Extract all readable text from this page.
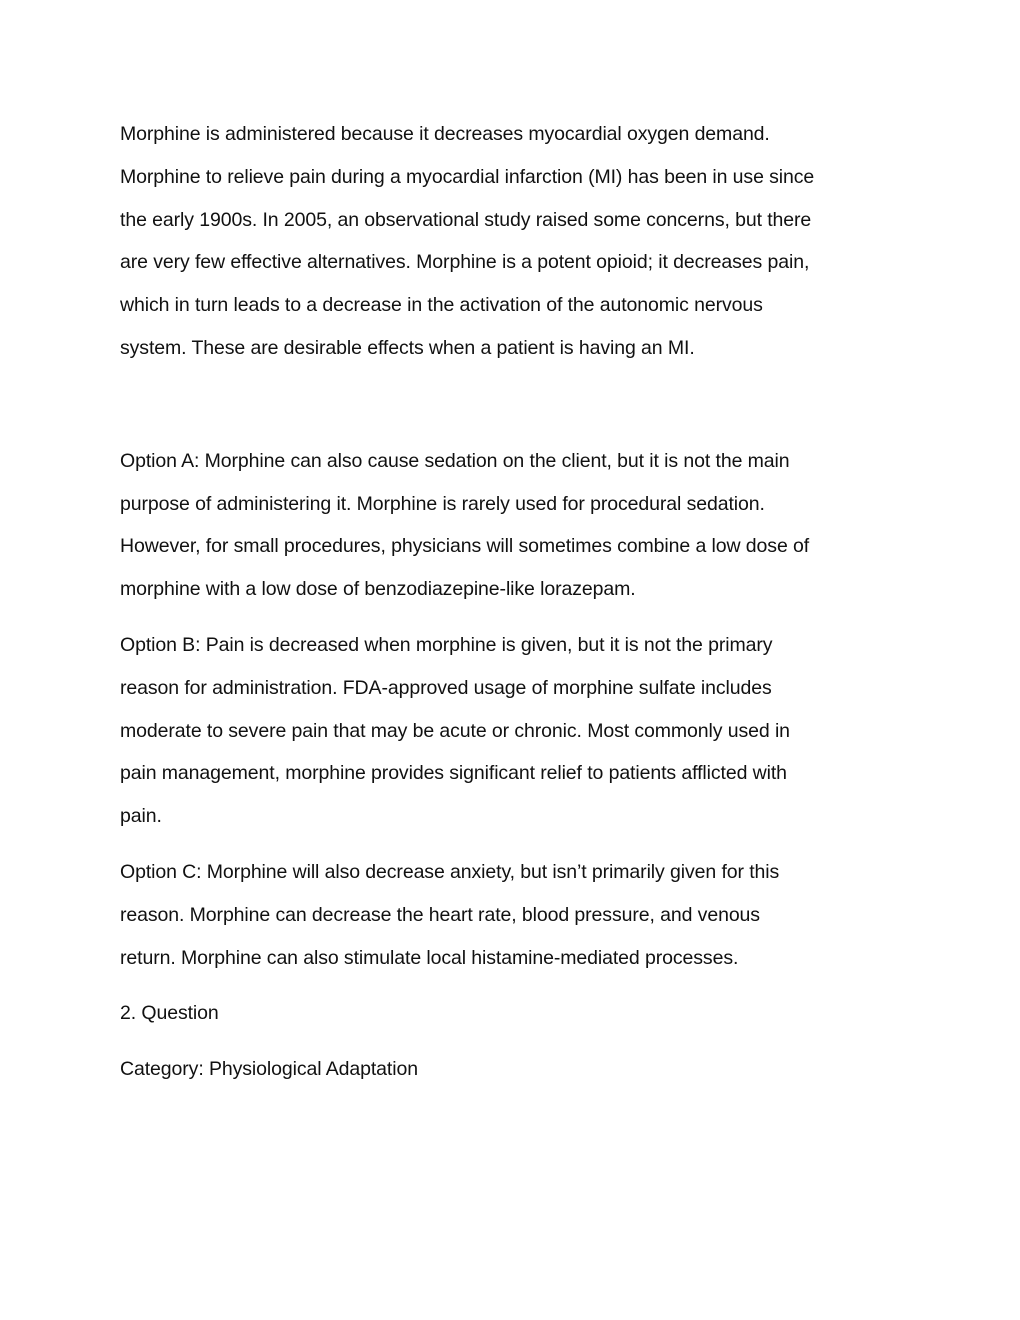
Morphine is administered because it decreases myocardial oxygen demand.
Morphine to relieve pain during a myocardial infarction (MI) has been in use since
the early 1900s. In 2005, an observational study raised some concerns, but there
are very few effective alternatives. Morphine is a potent opioid; it decreases pain,
which in turn leads to a decrease in the activation of the autonomic nervous
system. These are desirable effects when a patient is having an MI.
Option A: Morphine can also cause sedation on the client, but it is not the main
purpose of administering it. Morphine is rarely used for procedural sedation.
However, for small procedures, physicians will sometimes combine a low dose of
morphine with a low dose of benzodiazepine-like lorazepam.
Option B: Pain is decreased when morphine is given, but it is not the primary
reason for administration. FDA-approved usage of morphine sulfate includes
moderate to severe pain that may be acute or chronic. Most commonly used in
pain management, morphine provides significant relief to patients afflicted with
pain.
Option C: Morphine will also decrease anxiety, but isn’t primarily given for this
reason. Morphine can decrease the heart rate, blood pressure, and venous
return. Morphine can also stimulate local histamine-mediated processes.
2. Question
Category: Physiological Adaptation
